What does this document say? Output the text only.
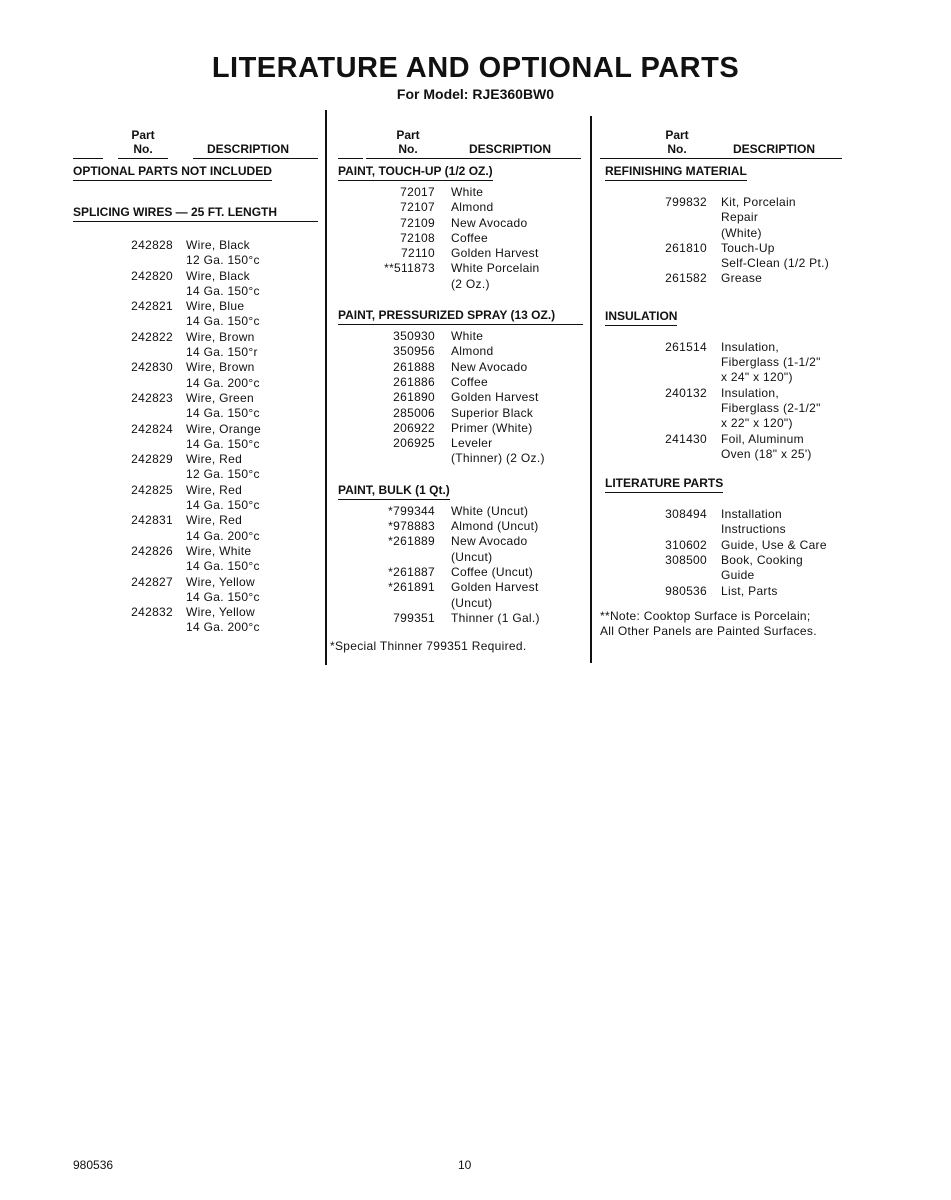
LITERATURE AND OPTIONAL PARTS
For Model: RJE360BW0
Part
No.	DESCRIPTION
OPTIONAL PARTS NOT INCLUDED
SPLICING WIRES — 25 FT. LENGTH
242828 Wire, Black
12 Ga. 150°c
242820 Wire, Black
14 Ga. 150°c
242821 Wire, Blue
14 Ga. 150°c
242822 Wire, Brown
14 Ga. 150°r
242830 Wire, Brown
14 Ga. 200°c
242823 Wire, Green
14 Ga. 150°c
242824 Wire, Orange
14 Ga. 150°c
242829 Wire, Red
12 Ga. 150°c
242825 Wire, Red
14 Ga. 150°c
242831 Wire, Red
14 Ga. 200°c
242826 Wire, White
14 Ga. 150°c
242827 Wire, Yellow
14 Ga. 150°c
242832 Wire, Yellow
14 Ga. 200°c
Part
No.	DESCRIPTION
PAINT, TOUCH-UP (1/2 OZ.)
72017 White
72107 Almond
72109 New Avocado
72108 Coffee
72110 Golden Harvest
**511873 White Porcelain
(2 Oz.)
PAINT, PRESSURIZED SPRAY (13 OZ.)
350930 White
350956 Almond
261888 New Avocado
261886 Coffee
261890 Golden Harvest
285006 Superior Black
206922 Primer (White)
206925 Leveler
(Thinner) (2 Oz.)
PAINT, BULK (1 Qt.)
*799344 White (Uncut)
*978883 Almond (Uncut)
*261889 New Avocado
(Uncut)
*261887 Coffee (Uncut)
*261891 Golden Harvest
(Uncut)
799351 Thinner (1 Gal.)
*Special Thinner 799351 Required.
Part
No.	DESCRIPTION
REFINISHING MATERIAL
799832 Kit, Porcelain
Repair
(White)
261810 Touch-Up
Self-Clean (1/2 Pt.)
261582 Grease
INSULATION
261514 Insulation,
Fiberglass (1-1/2"
x 24" x 120")
240132 Insulation,
Fiberglass (2-1/2"
x 22" x 120")
241430 Foil, Aluminum
Oven (18" x 25')
LITERATURE PARTS
308494 Installation
Instructions
310602 Guide, Use & Care
308500 Book, Cooking
Guide
980536 List, Parts
**Note: Cooktop Surface is Porcelain;
All Other Panels are Painted Surfaces.
980536	10
